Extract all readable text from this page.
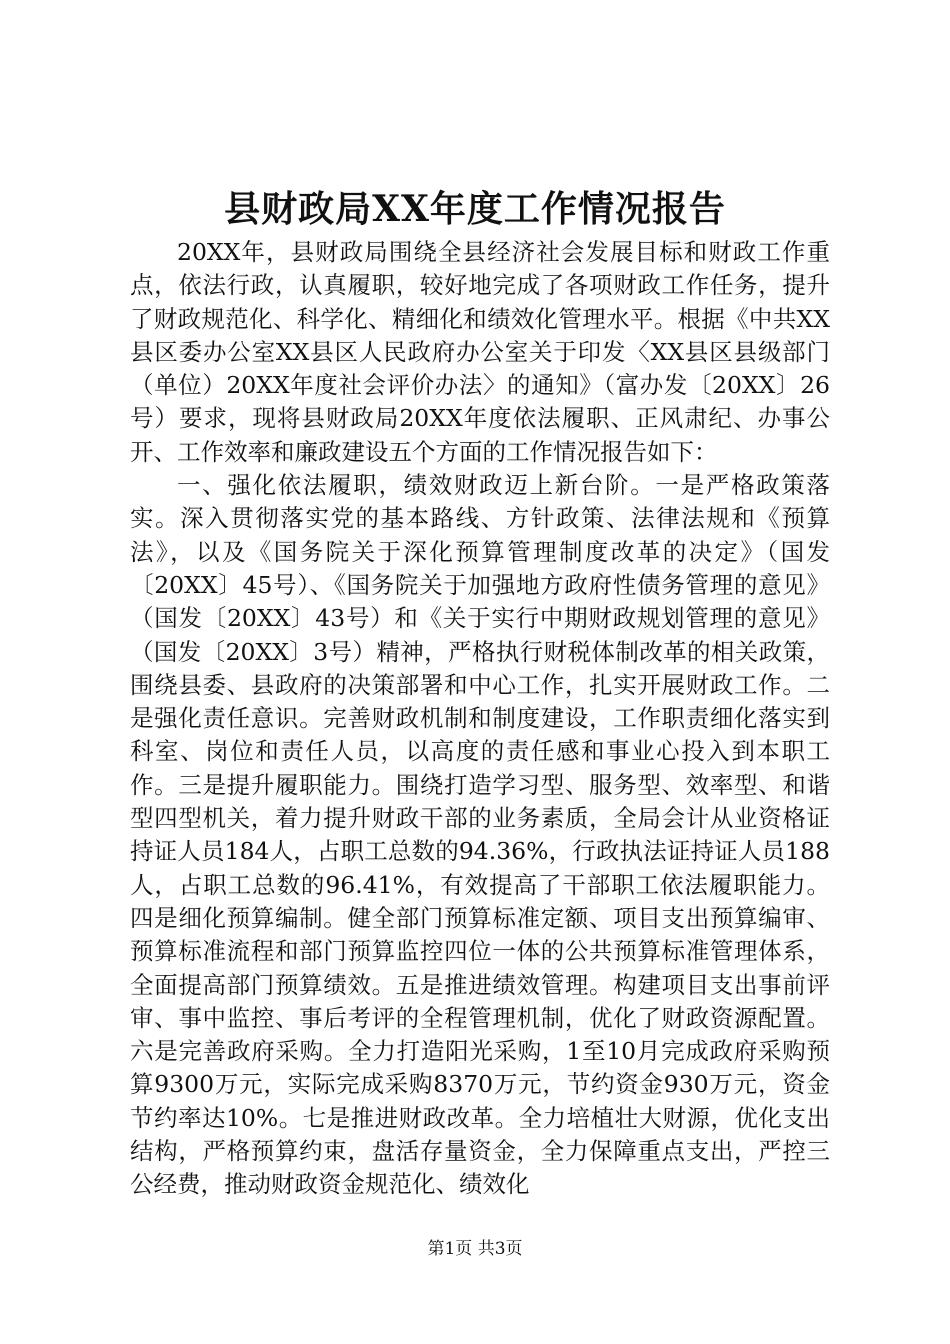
县财政局XX年度工作情况报告

20XX年，县财政局围绕全县经济社会发展目标和财政工作重点，依法行政，认真履职，较好地完成了各项财政工作任务，提升了财政规范化、科学化、精细化和绩效化管理水平。根据《中共XX县区委办公室XX县区人民政府办公室关于印发〈XX县区县级部门（单位）20XX年度社会评价办法〉的通知》（富办发〔20XX〕26号）要求，现将县财政局20XX年度依法履职、正风肃纪、办事公开、工作效率和廉政建设五个方面的工作情况报告如下：

一、强化依法履职，绩效财政迈上新台阶。一是严格政策落实。深入贯彻落实党的基本路线、方针政策、法律法规和《预算法》，以及《国务院关于深化预算管理制度改革的决定》（国发〔20XX〕45号）、《国务院关于加强地方政府性债务管理的意见》（国发〔20XX〕43号）和《关于实行中期财政规划管理的意见》（国发〔20XX〕3号）精神，严格执行财税体制改革的相关政策，围绕县委、县政府的决策部署和中心工作，扎实开展财政工作。二是强化责任意识。完善财政机制和制度建设，工作职责细化落实到科室、岗位和责任人员，以高度的责任感和事业心投入到本职工作。三是提升履职能力。围绕打造学习型、服务型、效率型、和谐型四型机关，着力提升财政干部的业务素质，全局会计从业资格证持证人员184人，占职工总数的94.36%，行政执法证持证人员188人，占职工总数的96.41%，有效提高了干部职工依法履职能力。四是细化预算编制。健全部门预算标准定额、项目支出预算编审、预算标准流程和部门预算监控四位一体的公共预算标准管理体系，全面提高部门预算绩效。五是推进绩效管理。构建项目支出事前评审、事中监控、事后考评的全程管理机制，优化了财政资源配置。六是完善政府采购。全力打造阳光采购，1至10月完成政府采购预算9300万元，实际完成采购8370万元，节约资金930万元，资金节约率达10%。七是推进财政改革。全力培植壮大财源，优化支出结构，严格预算约束，盘活存量资金，全力保障重点支出，严控三公经费，推动财政资金规范化、绩效化

第1页 共3页
